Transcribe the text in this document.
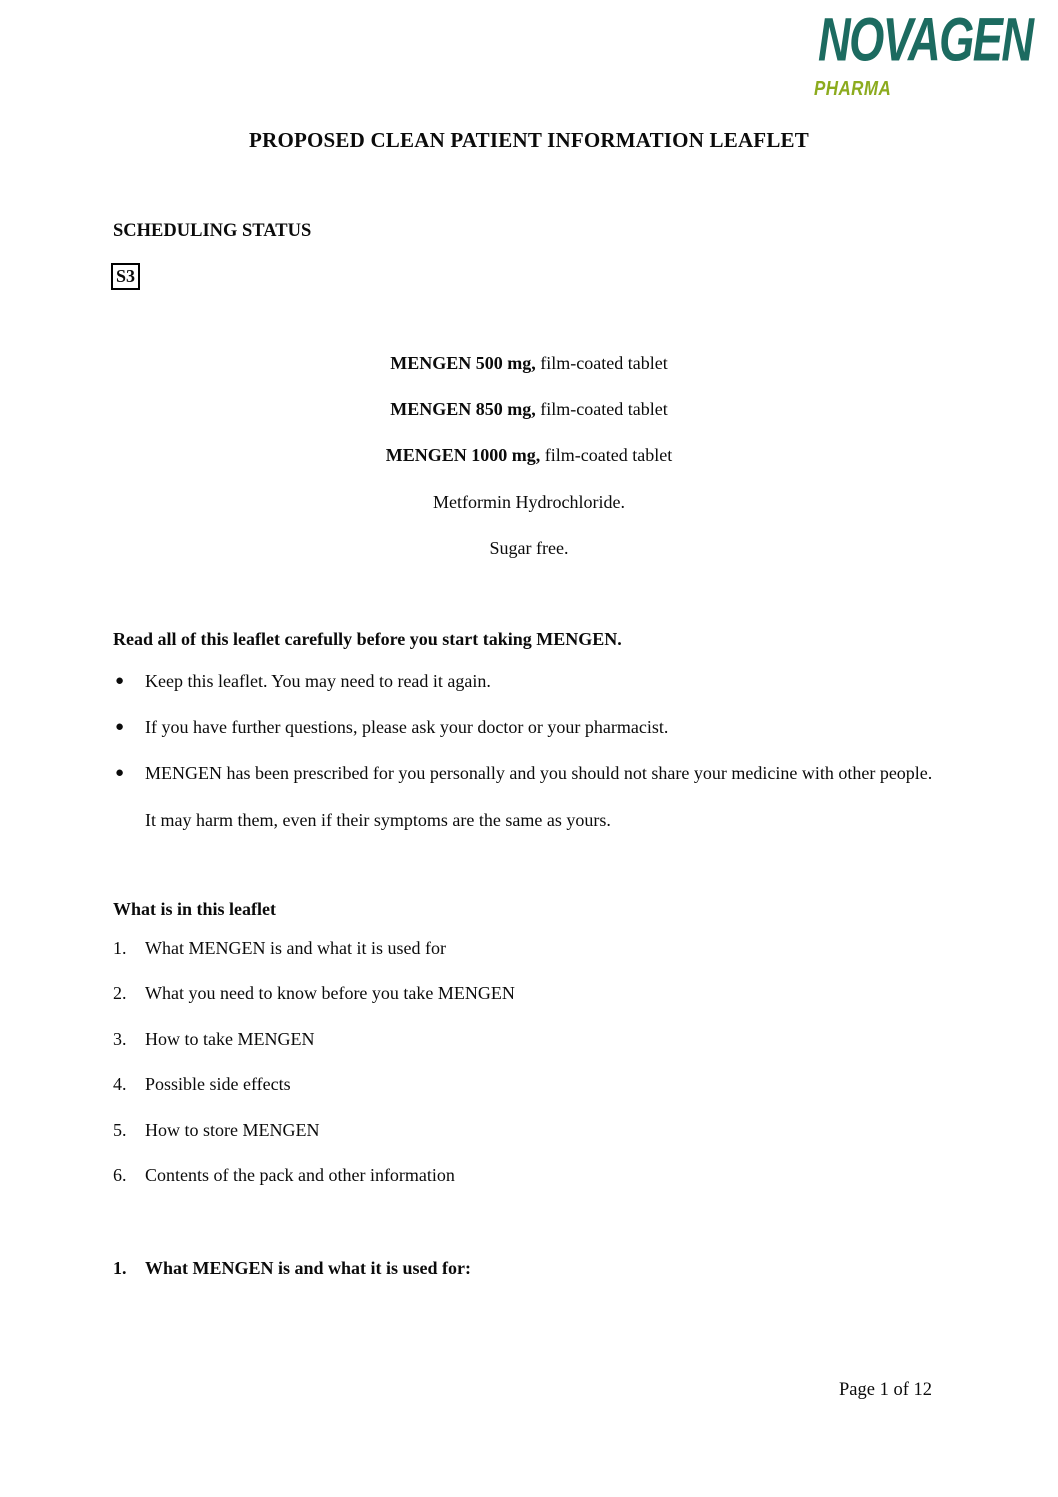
NOVAGEN
PHARMA
PROPOSED CLEAN PATIENT INFORMATION LEAFLET
SCHEDULING STATUS
S3
MENGEN 500 mg, film-coated tablet
MENGEN 850 mg, film-coated tablet
MENGEN 1000 mg, film-coated tablet
Metformin Hydrochloride.
Sugar free.
Read all of this leaflet carefully before you start taking MENGEN.
● Keep this leaflet. You may need to read it again.
● If you have further questions, please ask your doctor or your pharmacist.
● MENGEN has been prescribed for you personally and you should not share your medicine with other people. It may harm them, even if their symptoms are the same as yours.
What is in this leaflet
1. What MENGEN is and what it is used for
2. What you need to know before you take MENGEN
3. How to take MENGEN
4. Possible side effects
5. How to store MENGEN
6. Contents of the pack and other information
1. What MENGEN is and what it is used for:
Page 1 of 12
